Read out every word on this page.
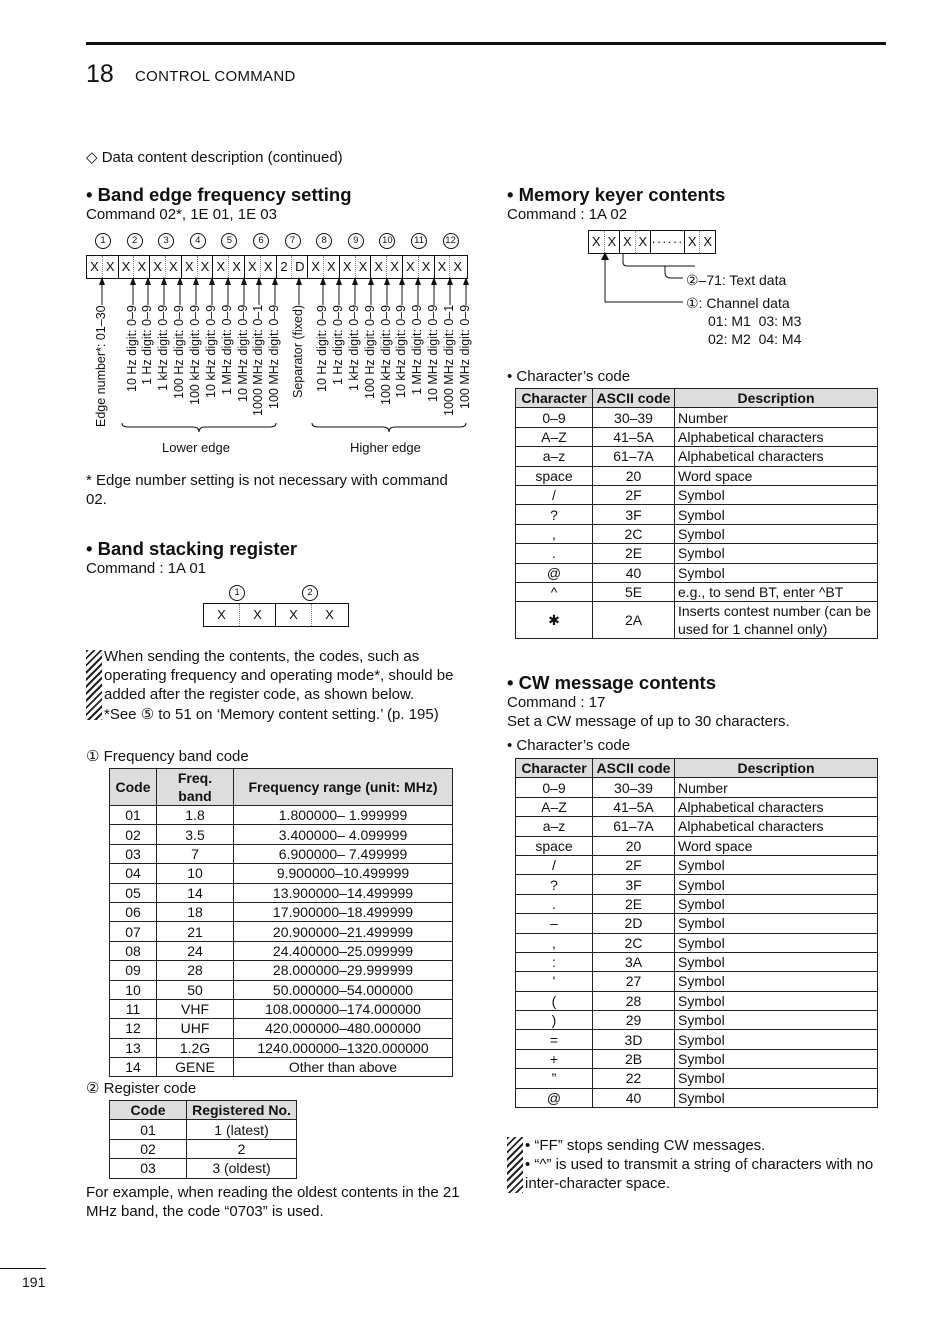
18 CONTROL COMMAND
◇ Data content description (continued)
• Band edge frequency setting
Command 02*, 1E 01, 1E 03
1	2	3	4	5	6	7	8	9	10	11	12
X X X X X X X X X X X X 2 D X X X X X X X X X X
Edge number*: 01–30 10 Hz digit: 0–9 1 Hz digit: 0–9 1 kHz digit: 0–9 100 Hz digit: 0–9 100 kHz digit: 0–9 10 kHz digit: 0–9 1 MHz digit: 0–9 10 MHz digit: 0–9 1000 MHz digit: 0–1 100 MHz digit: 0–9 Separator (fixed) 10 Hz digit: 0–9 1 Hz digit: 0–9 1 kHz digit: 0–9 100 Hz digit: 0–9 100 kHz digit: 0–9 10 kHz digit: 0–9 1 MHz digit: 0–9 10 MHz digit: 0–9 1000 MHz digit: 0–1 100 MHz digit: 0–9
Lower edge	Higher edge
* Edge number setting is not necessary with command 02.
• Band stacking register
Command : 1A 01
1	2
X	X	X	X
When sending the contents, the codes, such as operating frequency and operating mode*, should be added after the register code, as shown below.
*See ⑤ to 51 on ‘Memory content setting.’ (p. 195)
① Frequency band code
Code	Freq. band	Frequency range (unit: MHz)
01	1.8	1.800000– 1.999999
02	3.5	3.400000– 4.099999
03	7	6.900000– 7.499999
04	10	9.900000–10.499999
05	14	13.900000–14.499999
06	18	17.900000–18.499999
07	21	20.900000–21.499999
08	24	24.400000–25.099999
09	28	28.000000–29.999999
10	50	50.000000–54.000000
11	VHF	108.000000–174.000000
12	UHF	420.000000–480.000000
13	1.2G	1240.000000–1320.000000
14	GENE	Other than above
② Register code
Code	Registered No.
01	1 (latest)
02	2
03	3 (oldest)
For example, when reading the oldest contents in the 21 MHz band, the code “0703” is used.
• Memory keyer contents
Command : 1A 02
X X X X ······ X X
②–71: Text data
①: Channel data
01: M1  03: M3
02: M2  04: M4
• Character’s code
Character	ASCII code	Description
0–9	30–39	Number
A–Z	41–5A	Alphabetical characters
a–z	61–7A	Alphabetical characters
space	20	Word space
/	2F	Symbol
?	3F	Symbol
,	2C	Symbol
.	2E	Symbol
@	40	Symbol
^	5E	e.g., to send BT, enter ^BT
✱	2A	Inserts contest number (can be used for 1 channel only)
• CW message contents
Command : 17
Set a CW message of up to 30 characters.
• Character’s code
Character	ASCII code	Description
0–9	30–39	Number
A–Z	41–5A	Alphabetical characters
a–z	61–7A	Alphabetical characters
space	20	Word space
/	2F	Symbol
?	3F	Symbol
.	2E	Symbol
–	2D	Symbol
,	2C	Symbol
:	3A	Symbol
'	27	Symbol
(	28	Symbol
)	29	Symbol
=	3D	Symbol
+	2B	Symbol
”	22	Symbol
@	40	Symbol
• “FF” stops sending CW messages.
• “^” is used to transmit a string of characters with no inter-character space.
191
